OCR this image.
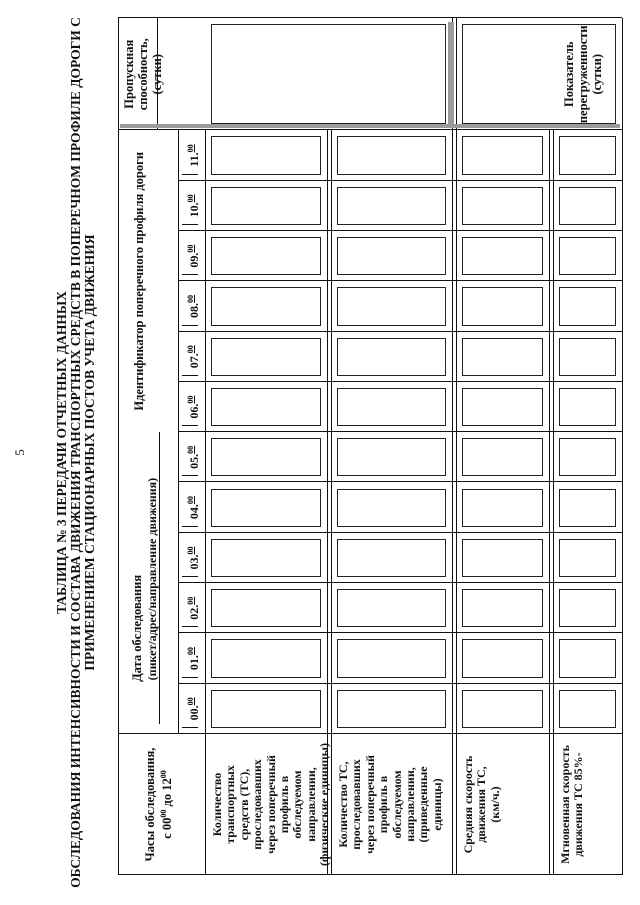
5 ТАБЛИЦА № 3 ПЕРЕДАЧИ ОТЧЕТНЫХ ДАННЫХ ОБСЛЕДОВАНИЯ ИНТЕНСИВНОСТИ И СОСТАВА ДВИЖЕНИЯ ТРАНСПОРТНЫХ СРЕДСТВ В ПОПЕРЕЧНОМ ПРОФИЛЕ ДОРОГИ С ПРИМЕНЕНИЕМ СТАЦИОНАРНЫХ ПОСТОВ УЧЕТА ДВИЖЕНИЯ
Часы обследования, с $00^{00}$ до $12^{00}$
Дата обследования (пикет/адрес/направление движения)
Идентификатор поперечного профиля дороги
Пропускная способность, (сутки)
00.00
01.00
02.00
03.00
04.00
05.00
06.00
07.00
08.00
09.00
10.00
11.00
Показатель перегруженности (сутки)
Количество транспортных средств (ТС), проследовавших через поперечный профиль в обследуемом направлении, (физические единицы) Количество ТС, проследовавших через поперечный профиль в обследуемом направлении, (приведенные единицы) Средняя скорость движения ТС, (км/ч.)	Мгновенная скорость движения ТС 85%-
